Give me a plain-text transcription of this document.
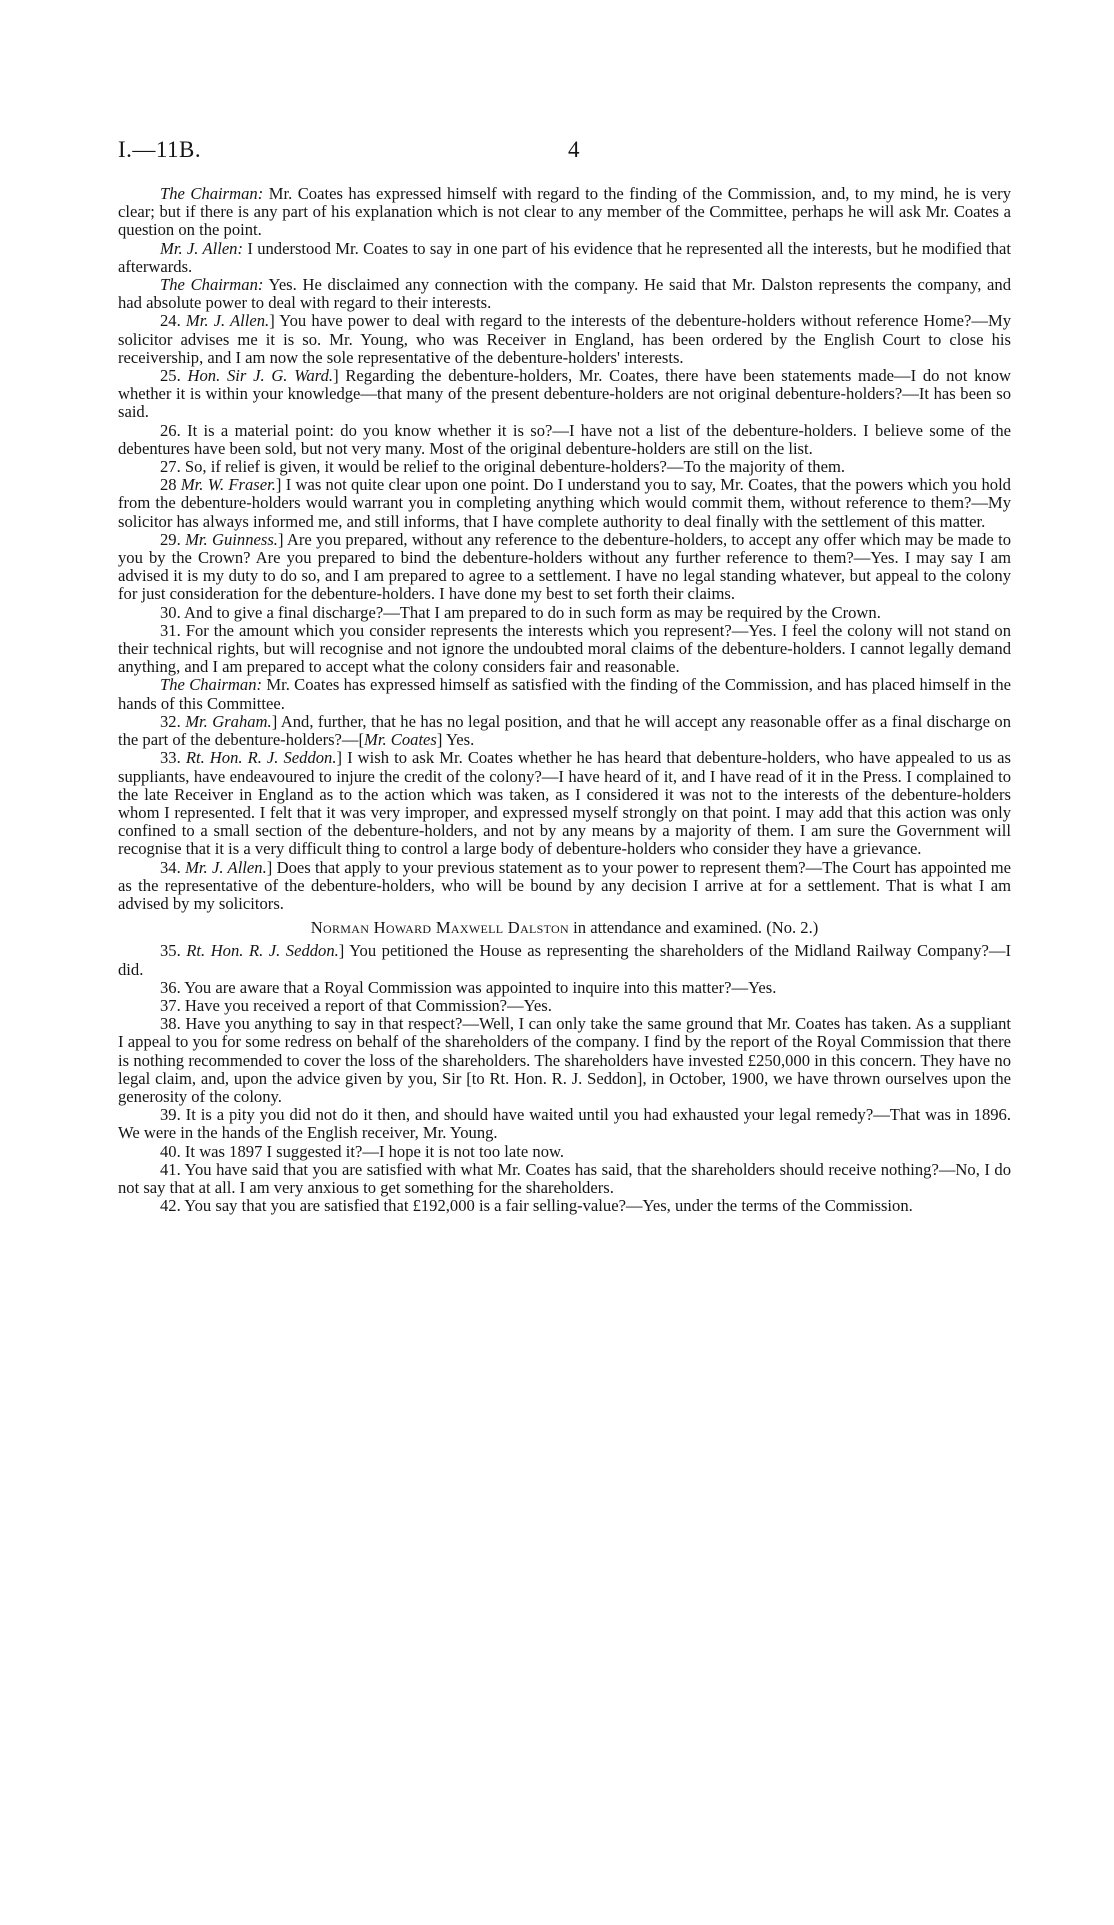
I.—11B.	4

The Chairman: Mr. Coates has expressed himself with regard to the finding of the Commission, and, to my mind, he is very clear; but if there is any part of his explanation which is not clear to any member of the Committee, perhaps he will ask Mr. Coates a question on the point.

Mr. J. Allen: I understood Mr. Coates to say in one part of his evidence that he represented all the interests, but he modified that afterwards.

The Chairman: Yes. He disclaimed any connection with the company. He said that Mr. Dalston represents the company, and had absolute power to deal with regard to their interests.

24. Mr. J. Allen.] You have power to deal with regard to the interests of the debenture-holders without reference Home?—My solicitor advises me it is so. Mr. Young, who was Receiver in England, has been ordered by the English Court to close his receivership, and I am now the sole representative of the debenture-holders' interests.

25. Hon. Sir J. G. Ward.] Regarding the debenture-holders, Mr. Coates, there have been statements made—I do not know whether it is within your knowledge—that many of the present debenture-holders are not original debenture-holders?—It has been so said.

26. It is a material point: do you know whether it is so?—I have not a list of the debenture-holders. I believe some of the debentures have been sold, but not very many. Most of the original debenture-holders are still on the list.

27. So, if relief is given, it would be relief to the original debenture-holders?—To the majority of them.

28 Mr. W. Fraser.] I was not quite clear upon one point. Do I understand you to say, Mr. Coates, that the powers which you hold from the debenture-holders would warrant you in completing anything which would commit them, without reference to them?—My solicitor has always informed me, and still informs, that I have complete authority to deal finally with the settlement of this matter.

29. Mr. Guinness.] Are you prepared, without any reference to the debenture-holders, to accept any offer which may be made to you by the Crown? Are you prepared to bind the debenture-holders without any further reference to them?—Yes. I may say I am advised it is my duty to do so, and I am prepared to agree to a settlement. I have no legal standing whatever, but appeal to the colony for just consideration for the debenture-holders. I have done my best to set forth their claims.

30. And to give a final discharge?—That I am prepared to do in such form as may be required by the Crown.

31. For the amount which you consider represents the interests which you represent?—Yes. I feel the colony will not stand on their technical rights, but will recognise and not ignore the undoubted moral claims of the debenture-holders. I cannot legally demand anything, and I am prepared to accept what the colony considers fair and reasonable.

The Chairman: Mr. Coates has expressed himself as satisfied with the finding of the Commission, and has placed himself in the hands of this Committee.

32. Mr. Graham.] And, further, that he has no legal position, and that he will accept any reasonable offer as a final discharge on the part of the debenture-holders?—[Mr. Coates] Yes.

33. Rt. Hon. R. J. Seddon.] I wish to ask Mr. Coates whether he has heard that debenture-holders, who have appealed to us as suppliants, have endeavoured to injure the credit of the colony?—I have heard of it, and I have read of it in the Press. I complained to the late Receiver in England as to the action which was taken, as I considered it was not to the interests of the debenture-holders whom I represented. I felt that it was very improper, and expressed myself strongly on that point. I may add that this action was only confined to a small section of the debenture-holders, and not by any means by a majority of them. I am sure the Government will recognise that it is a very difficult thing to control a large body of debenture-holders who consider they have a grievance.

34. Mr. J. Allen.] Does that apply to your previous statement as to your power to represent them?—The Court has appointed me as the representative of the debenture-holders, who will be bound by any decision I arrive at for a settlement. That is what I am advised by my solicitors.

Norman Howard Maxwell Dalston in attendance and examined. (No. 2.)

35. Rt. Hon. R. J. Seddon.] You petitioned the House as representing the shareholders of the Midland Railway Company?—I did.

36. You are aware that a Royal Commission was appointed to inquire into this matter?—Yes.

37. Have you received a report of that Commission?—Yes.

38. Have you anything to say in that respect?—Well, I can only take the same ground that Mr. Coates has taken. As a suppliant I appeal to you for some redress on behalf of the shareholders of the company. I find by the report of the Royal Commission that there is nothing recommended to cover the loss of the shareholders. The shareholders have invested £250,000 in this concern. They have no legal claim, and, upon the advice given by you, Sir [to Rt. Hon. R. J. Seddon], in October, 1900, we have thrown ourselves upon the generosity of the colony.

39. It is a pity you did not do it then, and should have waited until you had exhausted your legal remedy?—That was in 1896. We were in the hands of the English receiver, Mr. Young.

40. It was 1897 I suggested it?—I hope it is not too late now.

41. You have said that you are satisfied with what Mr. Coates has said, that the shareholders should receive nothing?—No, I do not say that at all. I am very anxious to get something for the shareholders.

42. You say that you are satisfied that £192,000 is a fair selling-value?—Yes, under the terms of the Commission.
